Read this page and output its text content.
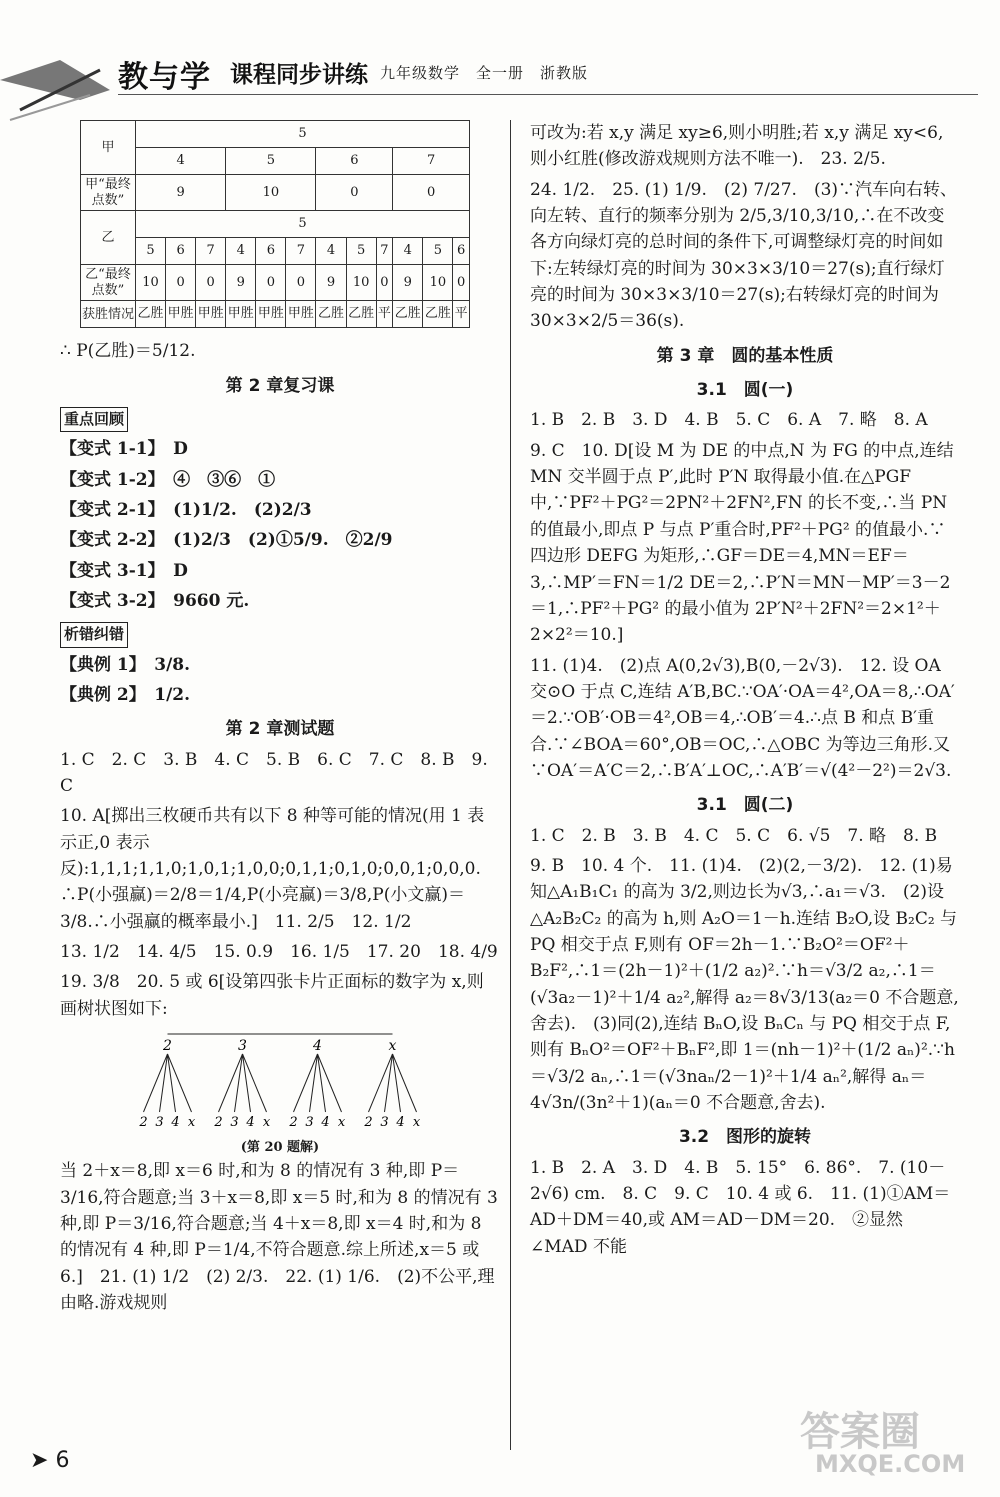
教与学 课程同步讲练 九年级数学　全一册　浙教版
甲	5											
	4			5			6			7		
甲“最终点数”	9			10			0			0		
乙	5											
	5	6	7	4	6	7	4	5	7	4	5	6
乙“最终点数”	10	0	0	9	0	0	9	10	0	9	10	0
获胜情况	乙胜	甲胜	甲胜	甲胜	甲胜	甲胜	乙胜	乙胜	平	乙胜	乙胜	平

∴ P(乙胜)＝5/12.

第 2 章复习课
重点回顾

【变式 1-1】　D

【变式 1-2】　④　③⑥　①

【变式 2-1】　(1)1/2.　(2)2/3

【变式 2-2】　(1)2/3　(2)①5/9.　②2/9

【变式 3-1】　D

【变式 3-2】　9660 元.

析错纠错

【典例 1】　3/8.

【典例 2】　1/2.

第 2 章测试题

1. C　2. C　3. B　4. C　5. B　6. C　7. C　8. B　9. C

10. A[掷出三枚硬币共有以下 8 种等可能的情况(用 1 表示正,0 表示反):1,1,1;1,1,0;1,0,1;1,0,0;0,1,1;0,1,0;0,0,1;0,0,0. ∴P(小强赢)＝2/8＝1/4,P(小亮赢)＝3/8,P(小文赢)＝3/8.∴小强赢的概率最小.]　11. 2/5　12. 1/2

13. 1/2　14. 4/5　15. 0.9　16. 1/5　17. 20　18. 4/9

19. 3/8　20. 5 或 6[设第四张卡片正面标的数字为 x,则画树状图如下:

2
2 3 4 x
3
2 3 4 x
4
2 3 4 x
x
2 3 4 x
(第 20 题解)

当 2＋x＝8,即 x＝6 时,和为 8 的情况有 3 种,即 P＝3/16,符合题意;当 3＋x＝8,即 x＝5 时,和为 8 的情况有 3 种,即 P＝3/16,符合题意;当 4＋x＝8,即 x＝4 时,和为 8 的情况有 4 种,即 P＝1/4,不符合题意.综上所述,x＝5 或 6.]　21. (1) 1/2　(2) 2/3.　22. (1) 1/6.　(2)不公平,理由略.游戏规则

可改为:若 x,y 满足 xy≥6,则小明胜;若 x,y 满足 xy<6,则小红胜(修改游戏规则方法不唯一).　23. 2/5.

24. 1/2.　25. (1) 1/9.　(2) 7/27.　(3)∵汽车向右转、向左转、直行的频率分别为 2/5,3/10,3/10,∴在不改变各方向绿灯亮的总时间的条件下,可调整绿灯亮的时间如下:左转绿灯亮的时间为 30×3×3/10＝27(s);直行绿灯亮的时间为 30×3×3/10＝27(s);右转绿灯亮的时间为 30×3×2/5＝36(s).

第 3 章　圆的基本性质
3.1　圆(一)

1. B　2. B　3. D　4. B　5. C　6. A　7. 略　8. A

9. C　10. D[设 M 为 DE 的中点,N 为 FG 的中点,连结 MN 交半圆于点 P′,此时 P′N 取得最小值.在△PGF 中,∵PF²＋PG²＝2PN²＋2FN²,FN 的长不变,∴当 PN 的值最小,即点 P 与点 P′重合时,PF²＋PG² 的值最小.∵四边形 DEFG 为矩形,∴GF＝DE＝4,MN＝EF＝3,∴MP′＝FN＝1/2 DE＝2,∴P′N＝MN－MP′＝3－2＝1,∴PF²＋PG² 的最小值为 2P′N²＋2FN²＝2×1²＋2×2²＝10.]

11. (1)4.　(2)点 A(0,2√3),B(0,－2√3).　12. 设 OA 交⊙O 于点 C,连结 A′B,BC.∵OA′·OA＝4²,OA＝8,∴OA′＝2.∵OB′·OB＝4²,OB＝4,∴OB′＝4.∴点 B 和点 B′重合.∵∠BOA＝60°,OB＝OC,∴△OBC 为等边三角形.又∵OA′＝A′C＝2,∴B′A′⊥OC,∴A′B′＝√(4²－2²)＝2√3.

3.1　圆(二)

1. C　2. B　3. B　4. C　5. C　6. √5　7. 略　8. B

9. B　10. 4 个.　11. (1)4.　(2)(2,－3/2).　12. (1)易知△A₁B₁C₁ 的高为 3/2,则边长为√3,∴a₁＝√3.　(2)设△A₂B₂C₂ 的高为 h,则 A₂O＝1－h.连结 B₂O,设 B₂C₂ 与 PQ 相交于点 F,则有 OF＝2h－1.∵B₂O²＝OF²＋B₂F²,∴1＝(2h－1)²＋(1/2 a₂)².∵h＝√3/2 a₂,∴1＝(√3a₂－1)²＋1/4 a₂²,解得 a₂＝8√3/13(a₂＝0 不合题意,舍去).　(3)同(2),连结 BₙO,设 BₙCₙ 与 PQ 相交于点 F,则有 BₙO²＝OF²＋BₙF²,即 1＝(nh－1)²＋(1/2 aₙ)².∵h＝√3/2 aₙ,∴1＝(√3naₙ/2－1)²＋1/4 aₙ²,解得 aₙ＝4√3n/(3n²＋1)(aₙ＝0 不合题意,舍去).

3.2　图形的旋转

1. B　2. A　3. D　4. B　5. 15°　6. 86°.　7. (10－2√6) cm.　8. C　9. C　10. 4 或 6.　11. (1)①AM＝AD＋DM＝40,或 AM＝AD－DM＝20.　②显然∠MAD 不能

➤ 6
答案圈
MXQE.COM
